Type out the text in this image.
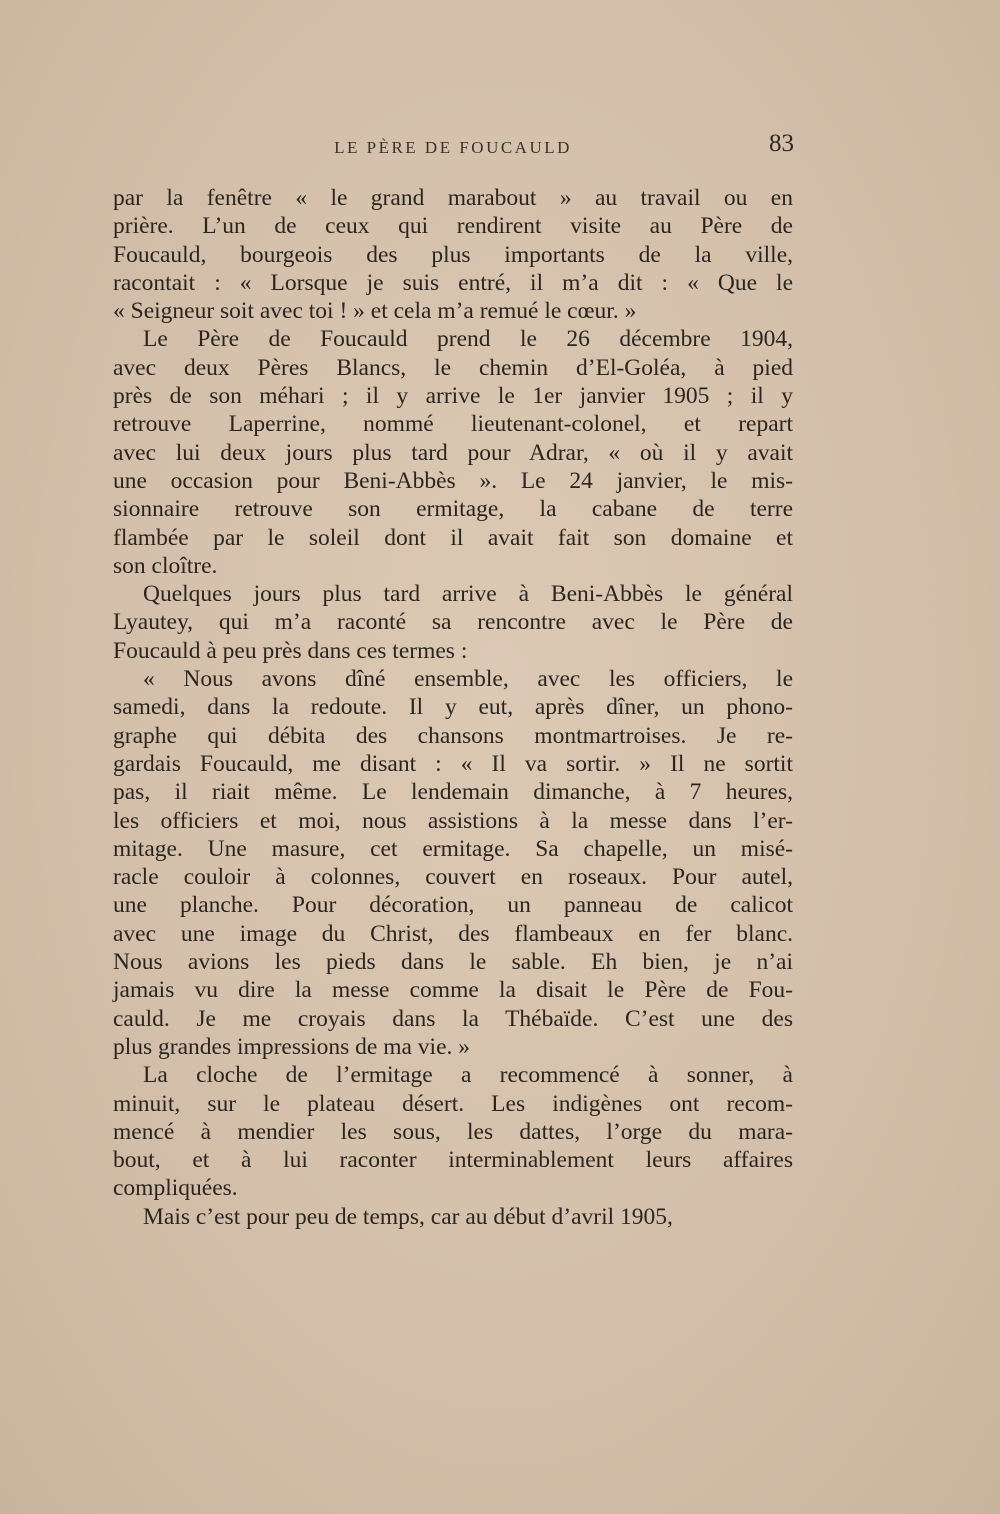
LE PÈRE DE FOUCAULD	83

par la fenêtre « le grand marabout » au travail ou en

prière. L’un de ceux qui rendirent visite au Père de

Foucauld, bourgeois des plus importants de la ville,

racontait : « Lorsque je suis entré, il m’a dit : « Que le

« Seigneur soit avec toi ! » et cela m’a remué le cœur. »

Le Père de Foucauld prend le 26 décembre 1904,

avec deux Pères Blancs, le chemin d’El-Goléa, à pied

près de son méhari ; il y arrive le 1er janvier 1905 ; il y

retrouve Laperrine, nommé lieutenant-colonel, et repart

avec lui deux jours plus tard pour Adrar, « où il y avait

une occasion pour Beni-Abbès ». Le 24 janvier, le mis-

sionnaire retrouve son ermitage, la cabane de terre

flambée par le soleil dont il avait fait son domaine et

son cloître.

Quelques jours plus tard arrive à Beni-Abbès le général

Lyautey, qui m’a raconté sa rencontre avec le Père de

Foucauld à peu près dans ces termes :

« Nous avons dîné ensemble, avec les officiers, le

samedi, dans la redoute. Il y eut, après dîner, un phono-

graphe qui débita des chansons montmartroises. Je re-

gardais Foucauld, me disant : « Il va sortir. » Il ne sortit

pas, il riait même. Le lendemain dimanche, à 7 heures,

les officiers et moi, nous assistions à la messe dans l’er-

mitage. Une masure, cet ermitage. Sa chapelle, un misé-

racle couloir à colonnes, couvert en roseaux. Pour autel,

une planche. Pour décoration, un panneau de calicot

avec une image du Christ, des flambeaux en fer blanc.

Nous avions les pieds dans le sable. Eh bien, je n’ai

jamais vu dire la messe comme la disait le Père de Fou-

cauld. Je me croyais dans la Thébaïde. C’est une des

plus grandes impressions de ma vie. »

La cloche de l’ermitage a recommencé à sonner, à

minuit, sur le plateau désert. Les indigènes ont recom-

mencé à mendier les sous, les dattes, l’orge du mara-

bout, et à lui raconter interminablement leurs affaires

compliquées.

Mais c’est pour peu de temps, car au début d’avril 1905,
